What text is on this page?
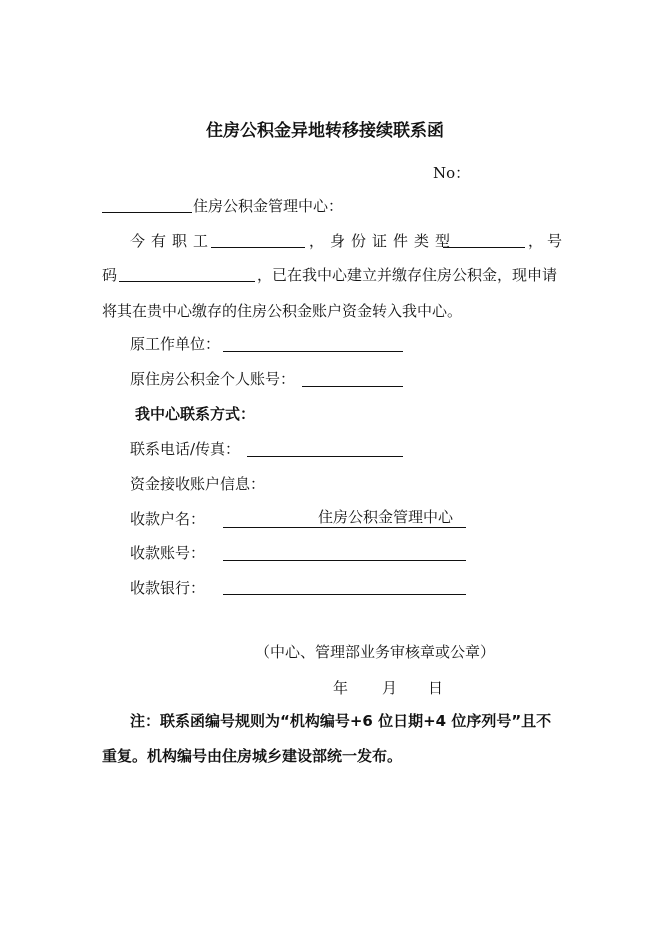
住房公积金异地转移接续联系函
No：
住房公积金管理中心：
今有职工	，身份证件类型	，号
码	，已在我中心建立并缴存住房公积金，现申请
将其在贵中心缴存的住房公积金账户资金转入我中心。
原工作单位：
原住房公积金个人账号：
我中心联系方式：
联系电话/传真：
资金接收账户信息：
收款户名：	住房公积金管理中心
收款账号：
收款银行：
（中心、管理部业务审核章或公章）
年 月 日
注：联系函编号规则为“机构编号+6 位日期+4 位序列号”且不
重复。机构编号由住房城乡建设部统一发布。
